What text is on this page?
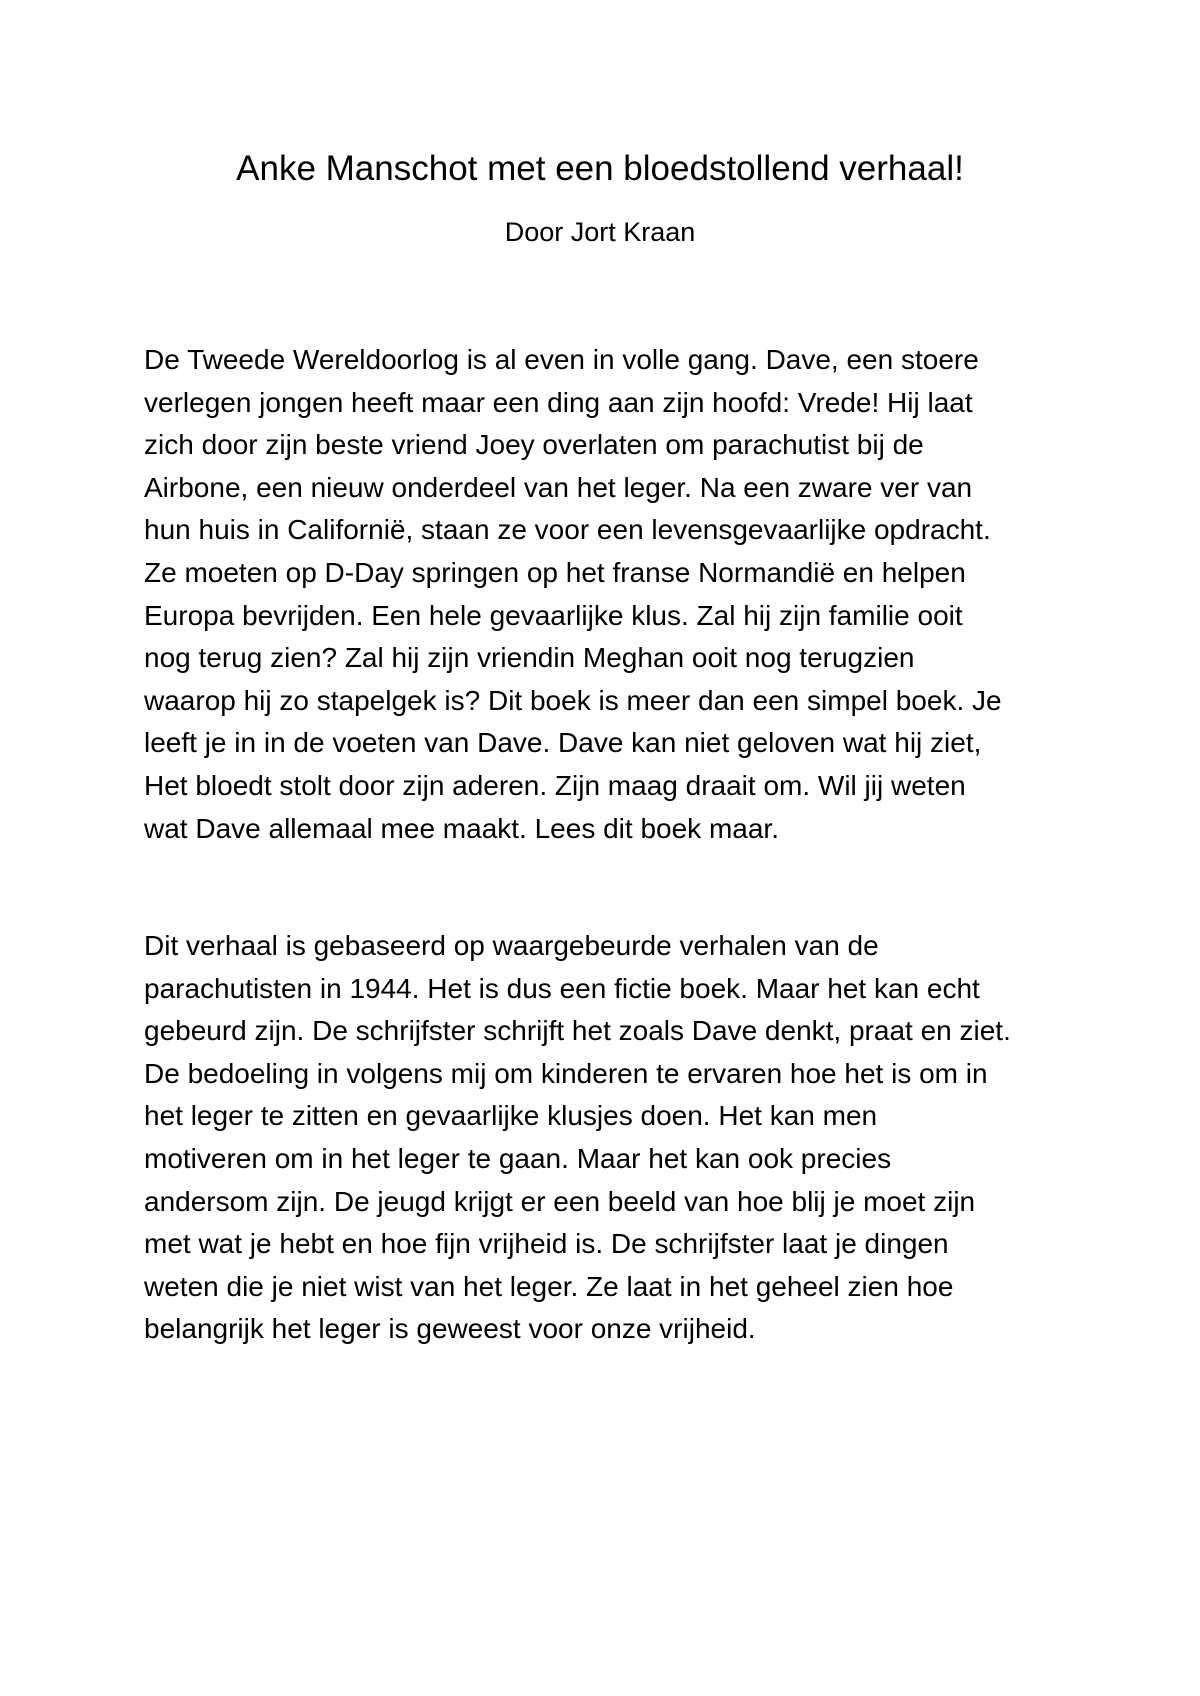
Anke Manschot met een bloedstollend verhaal!

Door Jort Kraan

De Tweede Wereldoorlog is al even in volle gang. Dave, een stoere
verlegen jongen heeft maar een ding aan zijn hoofd: Vrede! Hij laat
zich door zijn beste vriend Joey overlaten om parachutist bij de
Airbone, een nieuw onderdeel van het leger. Na een zware ver van
hun huis in Californië, staan ze voor een levensgevaarlijke opdracht.
Ze moeten op D-Day springen op het franse Normandië en helpen
Europa bevrijden. Een hele gevaarlijke klus. Zal hij zijn familie ooit
nog terug zien? Zal hij zijn vriendin Meghan ooit nog terugzien
waarop hij zo stapelgek is? Dit boek is meer dan een simpel boek. Je
leeft je in in de voeten van Dave. Dave kan niet geloven wat hij ziet,
Het bloedt stolt door zijn aderen. Zijn maag draait om. Wil jij weten
wat Dave allemaal mee maakt. Lees dit boek maar.

Dit verhaal is gebaseerd op waargebeurde verhalen van de
parachutisten in 1944. Het is dus een fictie boek. Maar het kan echt
gebeurd zijn. De schrijfster schrijft het zoals Dave denkt, praat en ziet.
De bedoeling in volgens mij om kinderen te ervaren hoe het is om in
het leger te zitten en gevaarlijke klusjes doen. Het kan men
motiveren om in het leger te gaan. Maar het kan ook precies
andersom zijn. De jeugd krijgt er een beeld van hoe blij je moet zijn
met wat je hebt en hoe fijn vrijheid is. De schrijfster laat je dingen
weten die je niet wist van het leger. Ze laat in het geheel zien hoe
belangrijk het leger is geweest voor onze vrijheid.
